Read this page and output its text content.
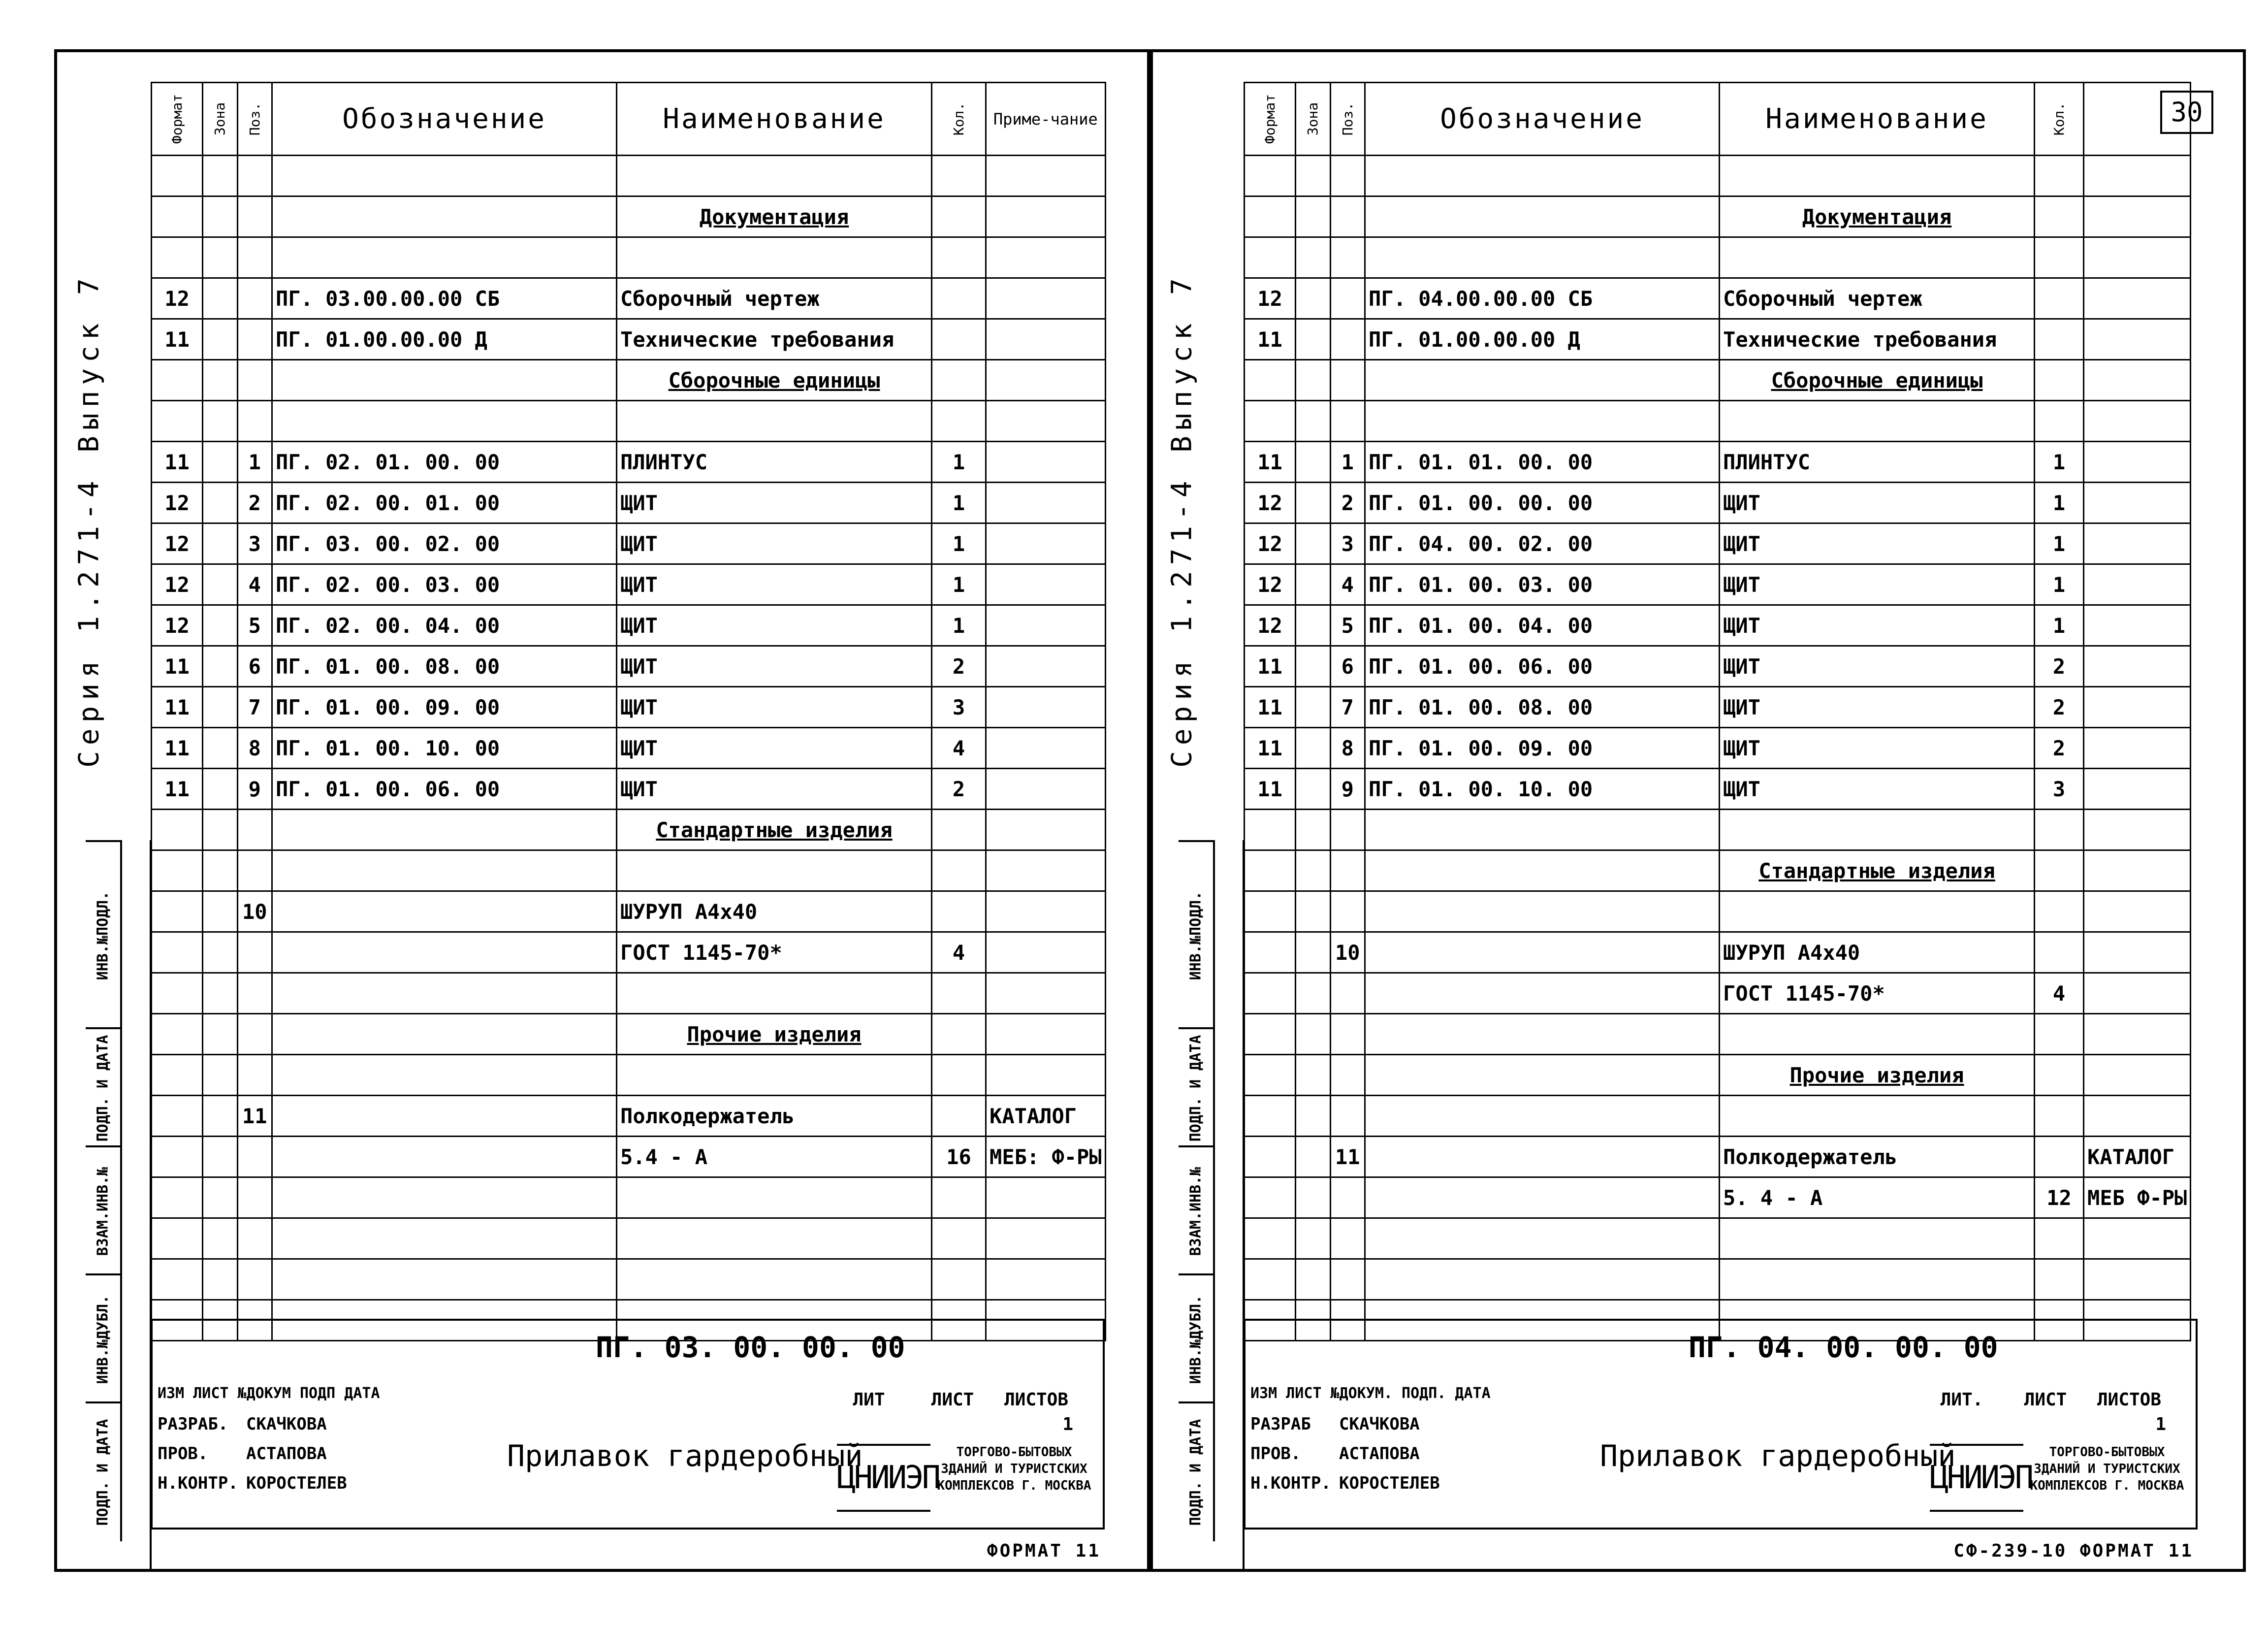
Серия 1.271-4 Выпуск 7
ИНВ.№ПОДЛ.
ПОДП. И ДАТА
ВЗАМ.ИНВ.№
ИНВ.№ДУБЛ.
ПОДП. И ДАТА
Формат	Зона	Поз.	Обозначение	Наименование	Кол.	Приме-чание

				Документация		

12			ПГ. 03.00.00.00 СБ	Сборочный чертеж		
11			ПГ. 01.00.00.00 Д	Технические требования		
				Сборочные единицы		

11		1	ПГ. 02. 01. 00. 00	ПЛИНТУС	1	
12		2	ПГ. 02. 00. 01. 00	ЩИТ	1	
12		3	ПГ. 03. 00. 02. 00	ЩИТ	1	
12		4	ПГ. 02. 00. 03. 00	ЩИТ	1	
12		5	ПГ. 02. 00. 04. 00	ЩИТ	1	
11		6	ПГ. 01. 00. 08. 00	ЩИТ	2	
11		7	ПГ. 01. 00. 09. 00	ЩИТ	3	
11		8	ПГ. 01. 00. 10. 00	ЩИТ	4	
11		9	ПГ. 01. 00. 06. 00	ЩИТ	2	
				Стандартные изделия		

		10		ШУРУП А4х40		
				ГОСТ 1145-70*	4	

				Прочие изделия		

		11		Полкодержатель		КАТАЛОГ
				5.4 - А	16	МЕБ: Ф-РЫ

ПГ. 03. 00. 00. 00
Прилавок гардеробный
ИЗМ ЛИСТ №ДОКУМ ПОДП ДАТА
РАЗРАБ. СКАЧКОВА
ПРОВ. АСТАПОВА
Н.КОНТР. КОРОСТЕЛЕВ
ЛИТ	ЛИСТ ЛИСТОВ
1
ЦНИИЭП
ТОРГОВО-БЫТОВЫХ ЗДАНИЙ И ТУРИСТСКИХ КОМПЛЕКСОВ Г. МОСКВА
ФОРМАТ 11
Серия 1.271-4 Выпуск 7
ИНВ.№ПОДЛ.
ПОДП. И ДАТА
ВЗАМ.ИНВ.№
ИНВ.№ДУБЛ.
ПОДП. И ДАТА
30
Формат	Зона	Поз.	Обозначение	Наименование	Кол.	

				Документация		

12			ПГ. 04.00.00.00 СБ	Сборочный чертеж		
11			ПГ. 01.00.00.00 Д	Технические требования		
				Сборочные единицы		

11		1	ПГ. 01. 01. 00. 00	ПЛИНТУС	1	
12		2	ПГ. 01. 00. 00. 00	ЩИТ	1	
12		3	ПГ. 04. 00. 02. 00	ЩИТ	1	
12		4	ПГ. 01. 00. 03. 00	ЩИТ	1	
12		5	ПГ. 01. 00. 04. 00	ЩИТ	1	
11		6	ПГ. 01. 00. 06. 00	ЩИТ	2	
11		7	ПГ. 01. 00. 08. 00	ЩИТ	2	
11		8	ПГ. 01. 00. 09. 00	ЩИТ	2	
11		9	ПГ. 01. 00. 10. 00	ЩИТ	3	

				Стандартные изделия		

		10		ШУРУП А4х40		
				ГОСТ 1145-70*	4	

				Прочие изделия		

		11		Полкодержатель		КАТАЛОГ
				5. 4 - А	12	МЕБ Ф-РЫ

ПГ. 04. 00. 00. 00
Прилавок гардеробный
ИЗМ ЛИСТ №ДОКУМ. ПОДП. ДАТА
РАЗРАБ СКАЧКОВА
ПРОВ. АСТАПОВА
Н.КОНТР. КОРОСТЕЛЕВ
ЛИТ. ЛИСТ ЛИСТОВ
1
ЦНИИЭП
ТОРГОВО-БЫТОВЫХ ЗДАНИЙ И ТУРИСТСКИХ КОМПЛЕКСОВ Г. МОСКВА
СФ-239-10 ФОРМАТ 11
